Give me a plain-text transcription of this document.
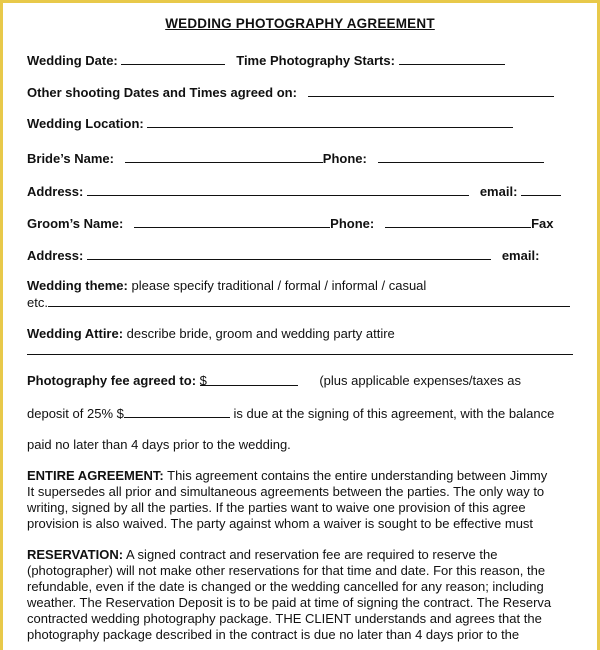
WEDDING PHOTOGRAPHY AGREEMENT
Wedding Date:	Time Photography Starts:
Other shooting Dates and Times agreed on:
Wedding Location:
Bride’s Name:	Phone:
Address:	email:
Groom’s Name:	Phone:	Fax
Address:	email:
Wedding theme: please specify traditional / formal / informal / casual
etc.
Wedding Attire: describe bride, groom and wedding party attire
Photography fee agreed to: $	(plus applicable expenses/taxes as
deposit of 25% $	is due at the signing of this agreement, with the balance
paid no later than 4 days prior to the wedding.
ENTIRE AGREEMENT: This agreement contains the entire understanding between Jimmy
It supersedes all prior and simultaneous agreements between the parties. The only way to
writing, signed by all the parties. If the parties want to waive one provision of this agree
provision is also waived. The party against whom a waiver is sought to be effective must
RESERVATION: A signed contract and reservation fee are required to reserve the
(photographer) will not make other reservations for that time and date. For this reason, the
refundable, even if the date is changed or the wedding cancelled for any reason; including
weather. The Reservation Deposit is to be paid at time of signing the contract. The Reserva
contracted wedding photography package. THE CLIENT understands and agrees that the
photography package described in the contract is due no later than 4 days prior to the
